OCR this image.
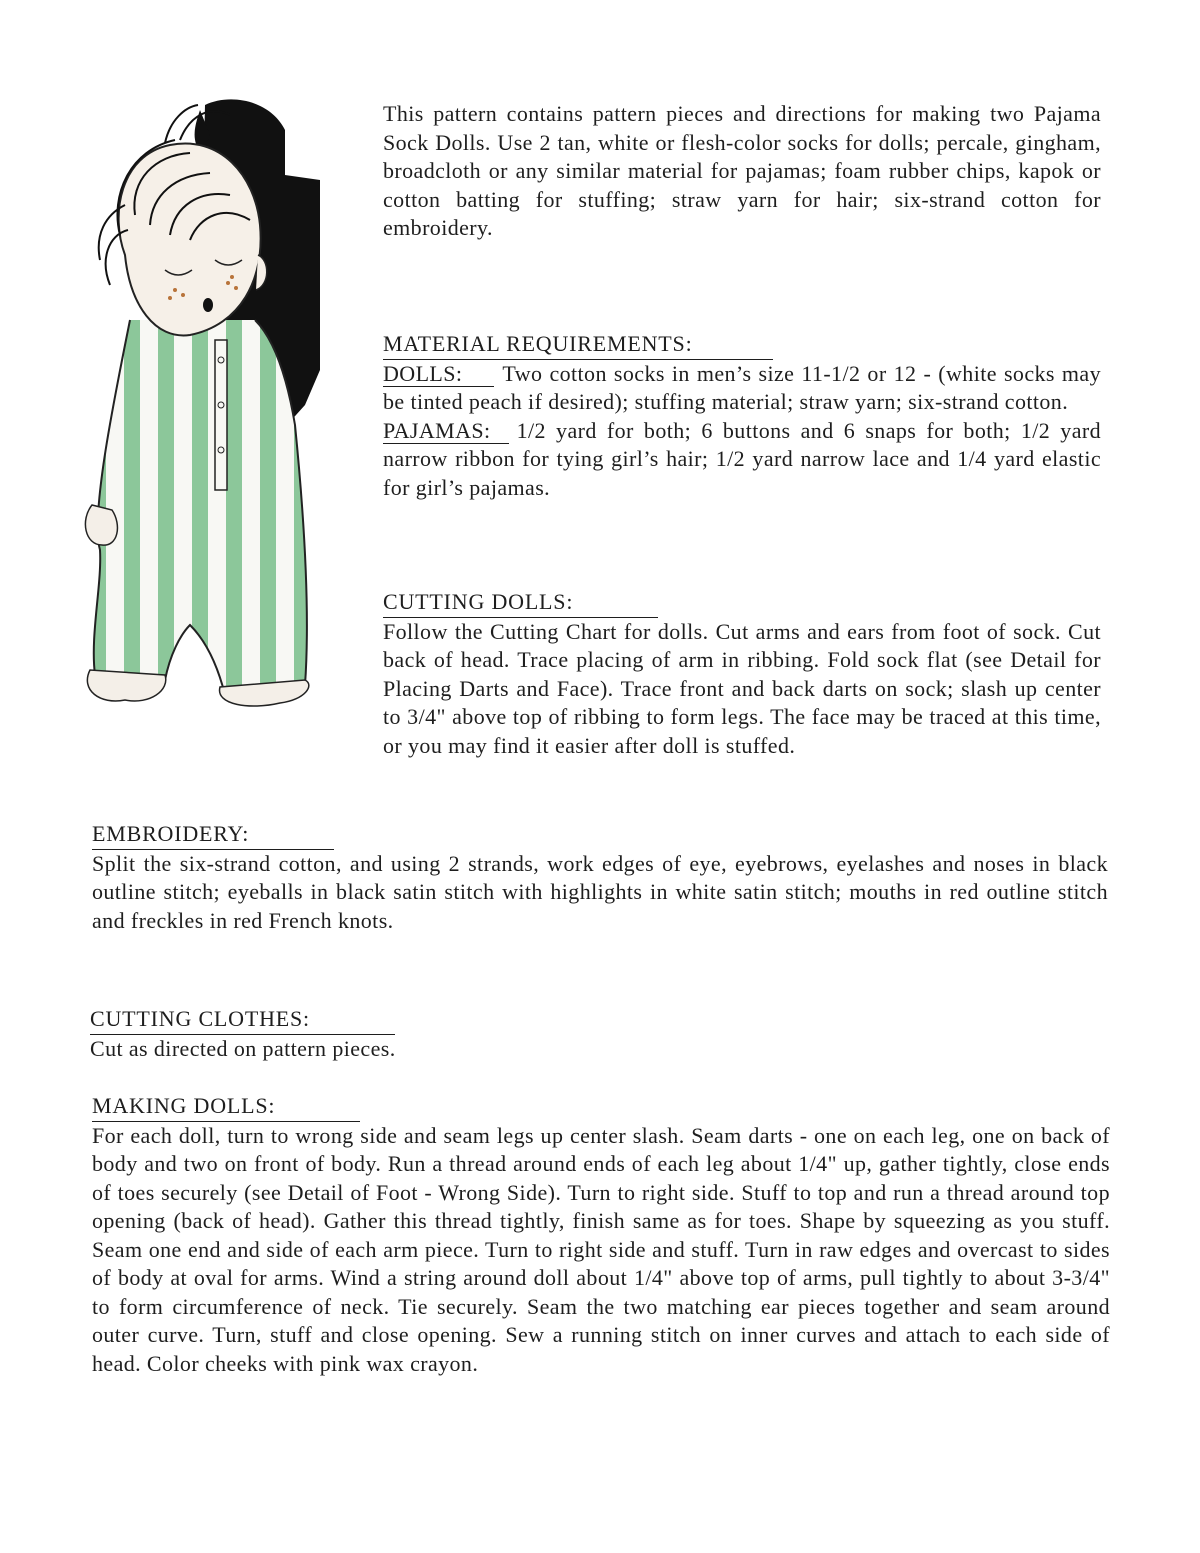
This pattern contains pattern pieces and directions for making two Pajama Sock Dolls. Use 2 tan, white or flesh-color socks for dolls; percale, gingham, broadcloth or any similar material for pajamas; foam rubber chips, kapok or cotton batting for stuffing; straw yarn for hair; six-strand cotton for embroidery.

MATERIAL REQUIREMENTS:

DOLLS: Two cotton socks in men’s size 11-1/2 or 12 - (white socks may be tinted peach if desired); stuffing material; straw yarn; six-strand cotton.

PAJAMAS: 1/2 yard for both; 6 buttons and 6 snaps for both; 1/2 yard narrow ribbon for tying girl’s hair; 1/2 yard narrow lace and 1/4 yard elastic for girl’s pajamas.

CUTTING DOLLS:

Follow the Cutting Chart for dolls. Cut arms and ears from foot of sock. Cut back of head. Trace placing of arm in ribbing. Fold sock flat (see Detail for Placing Darts and Face). Trace front and back darts on sock; slash up center to 3/4" above top of ribbing to form legs. The face may be traced at this time, or you may find it easier after doll is stuffed.

EMBROIDERY:

Split the six-strand cotton, and using 2 strands, work edges of eye, eyebrows, eyelashes and noses in black outline stitch; eyeballs in black satin stitch with highlights in white satin stitch; mouths in red outline stitch and freckles in red French knots.

CUTTING CLOTHES:

Cut as directed on pattern pieces.

MAKING DOLLS:

For each doll, turn to wrong side and seam legs up center slash. Seam darts - one on each leg, one on back of body and two on front of body. Run a thread around ends of each leg about 1/4" up, gather tightly, close ends of toes securely (see Detail of Foot - Wrong Side). Turn to right side. Stuff to top and run a thread around top opening (back of head). Gather this thread tightly, finish same as for toes. Shape by squeezing as you stuff. Seam one end and side of each arm piece. Turn to right side and stuff. Turn in raw edges and overcast to sides of body at oval for arms. Wind a string around doll about 1/4" above top of arms, pull tightly to about 3-3/4" to form circumference of neck. Tie securely. Seam the two matching ear pieces together and seam around outer curve. Turn, stuff and close opening. Sew a running stitch on inner curves and attach to each side of head. Color cheeks with pink wax crayon.
